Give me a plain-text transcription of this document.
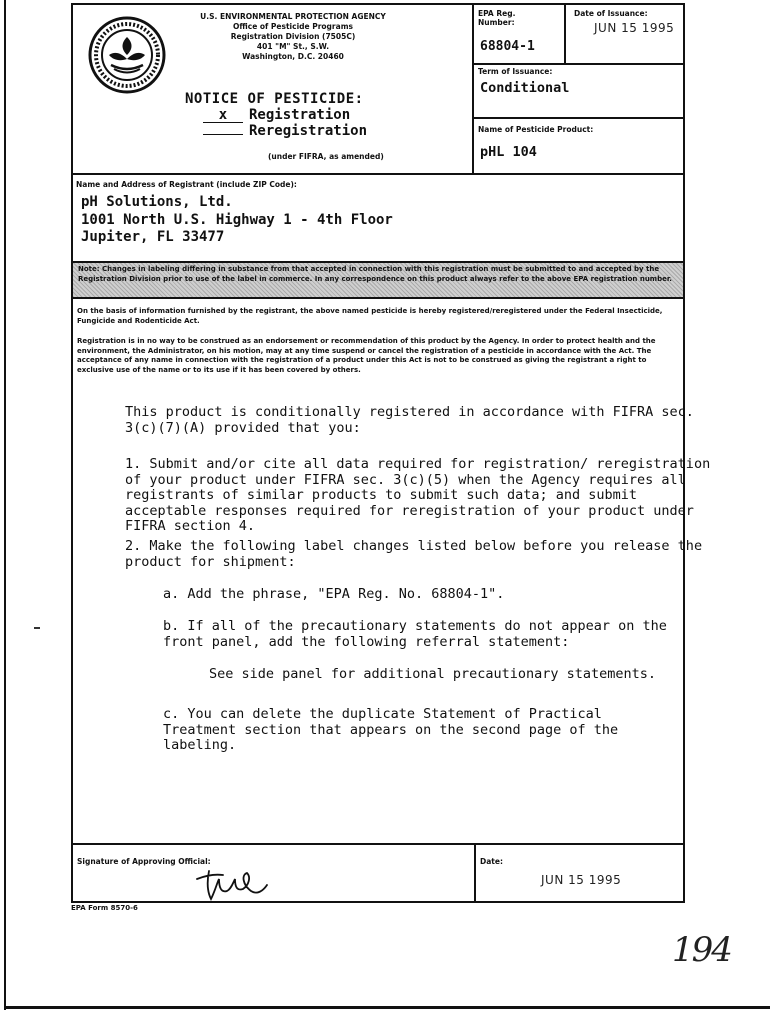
U.S. ENVIRONMENTAL PROTECTION AGENCY
Office of Pesticide Programs
Registration Division (7505C)
401 "M" St., S.W.
Washington, D.C. 20460
NOTICE OF PESTICIDE:
x Registration
Reregistration
(under FIFRA, as amended)
EPA Reg.
Number:
68804-1
Date of Issuance:
JUN 15 1995
Term of Issuance:
Conditional
Name of Pesticide Product:
pHL 104
Name and Address of Registrant (include ZIP Code):
pH Solutions, Ltd.
1001 North U.S. Highway 1 - 4th Floor
Jupiter, FL 33477
Note: Changes in labeling differing in substance from that accepted in connection with this registration must be submitted to and accepted by the Registration Division prior to use of the label in commerce. In any correspondence on this product always refer to the above EPA registration number.
On the basis of information furnished by the registrant, the above named pesticide is hereby registered/reregistered under the Federal Insecticide, Fungicide and Rodenticide Act.
Registration is in no way to be construed as an endorsement or recommendation of this product by the Agency. In order to protect health and the environment, the Administrator, on his motion, may at any time suspend or cancel the registration of a pesticide in accordance with the Act. The acceptance of any name in connection with the registration of a product under this Act is not to be construed as giving the registrant a right to exclusive use of the name or to its use if it has been covered by others.
This product is conditionally registered in accordance with FIFRA sec. 3(c)(7)(A) provided that you:
1. Submit and/or cite all data required for registration/ reregistration of your product under FIFRA sec. 3(c)(5) when the Agency requires all registrants of similar products to submit such data; and submit acceptable responses required for reregistration of your product under FIFRA section 4.
2. Make the following label changes listed below before you release the product for shipment:
a. Add the phrase, "EPA Reg. No. 68804-1".
b. If all of the precautionary statements do not appear on the front panel, add the following referral statement:
See side panel for additional precautionary statements.
c. You can delete the duplicate Statement of Practical Treatment section that appears on the second page of the labeling.
Signature of Approving Official:	Date:
JUN 15 1995
EPA Form 8570-6
194
